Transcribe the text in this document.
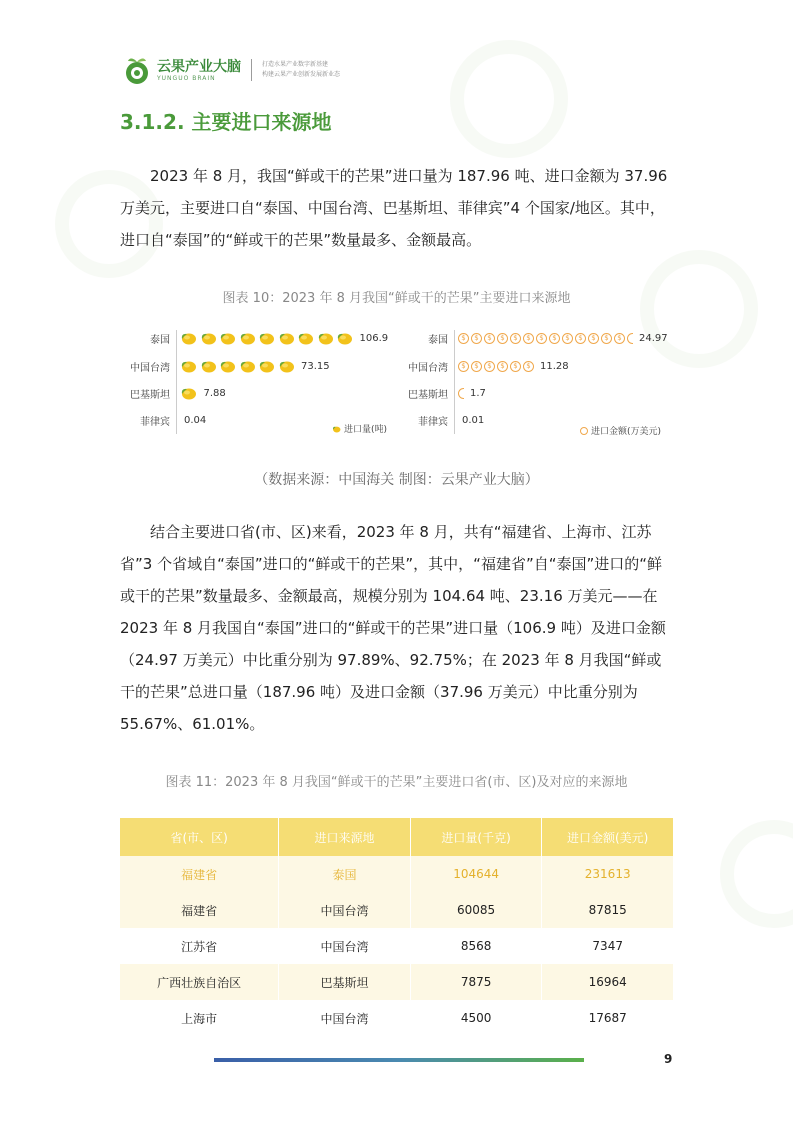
云果产业大脑
YUNGUO BRAIN
打造水果产业数字新基建
构建云果产业创新发展新业态
3.1.2. 主要进口来源地
2023 年 8 月，我国“鲜或干的芒果”进口量为 187.96 吨、进口金额为 37.96 万美元，主要进口自“泰国、中国台湾、巴基斯坦、菲律宾”4 个国家/地区。其中，进口自“泰国”的“鲜或干的芒果”数量最多、金额最高。
图表 10：2023 年 8 月我国“鲜或干的芒果”主要进口来源地
进口量(吨)
泰国	106.9
中国台湾	73.15
巴基斯坦	7.88
菲律宾	0.04
进口金额(万美元)
泰国	$	$	$	$	$	$	$	$	$	$	$	$	$	24.97
中国台湾	$	$	$	$	$	$ 11.28
巴基斯坦	1.7
菲律宾	0.01
（数据来源：中国海关 制图：云果产业大脑）
结合主要进口省(市、区)来看，2023 年 8 月，共有“福建省、上海市、江苏省”3 个省域自“泰国”进口的“鲜或干的芒果”，其中，“福建省”自“泰国”进口的“鲜或干的芒果”数量最多、金额最高，规模分别为 104.64 吨、23.16 万美元——在 2023 年 8 月我国自“泰国”进口的“鲜或干的芒果”进口量（106.9 吨）及进口金额（24.97 万美元）中比重分别为 97.89%、92.75%；在 2023 年 8 月我国“鲜或干的芒果”总进口量（187.96 吨）及进口金额（37.96 万美元）中比重分别为 55.67%、61.01%。
图表 11：2023 年 8 月我国“鲜或干的芒果”主要进口省(市、区)及对应的来源地
省(市、区)	进口来源地	进口量(千克)	进口金额(美元)
福建省	泰国	104644	231613
福建省	中国台湾	60085	87815
江苏省	中国台湾	8568	7347
广西壮族自治区	巴基斯坦	7875	16964
上海市	中国台湾	4500	17687
9
